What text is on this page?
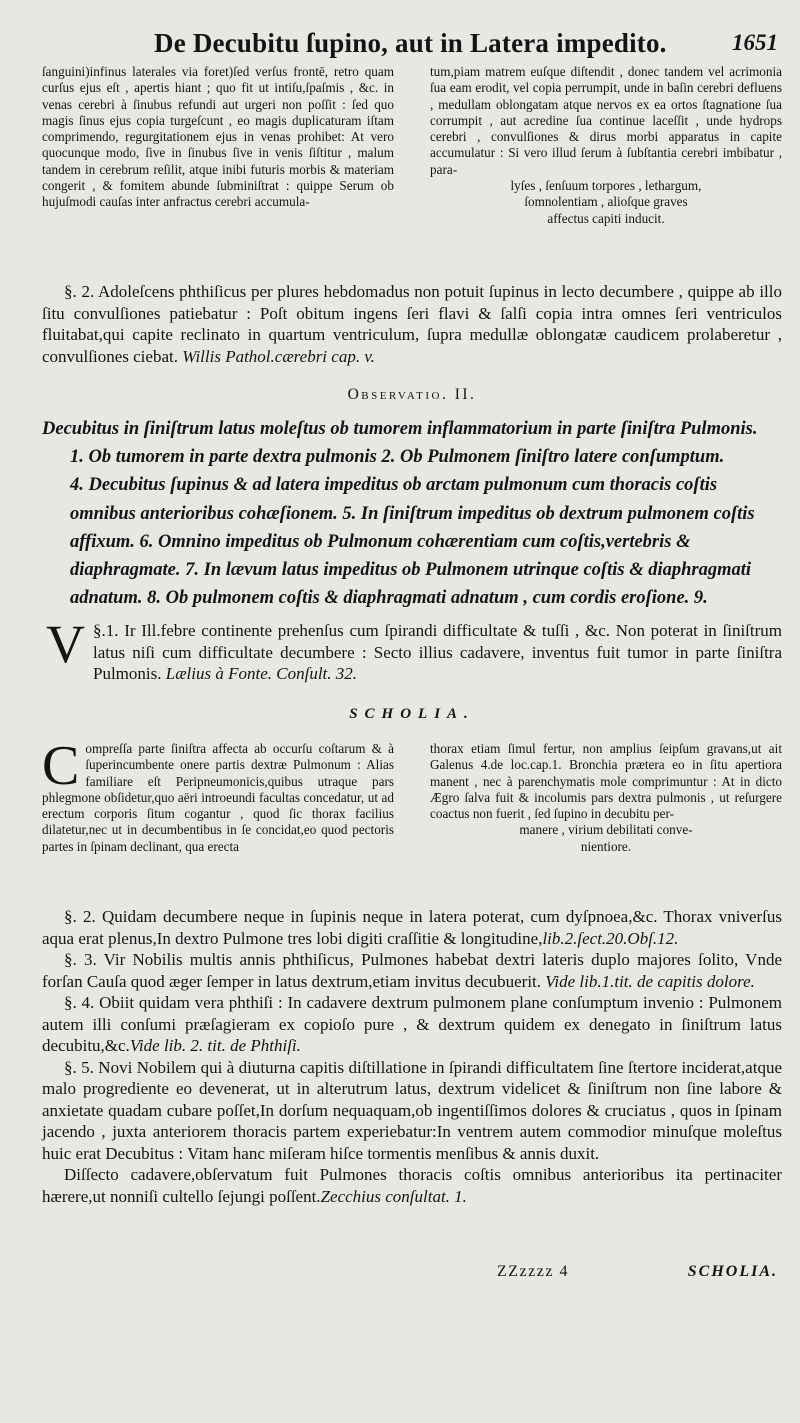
De Decubitu ſupino, aut in Latera impedito.	1651

ſanguini)infinus laterales via foret)ſed verſus frontē, retro quam curſus ejus eſt , apertis hiant ; quo fit ut intiſu,ſpaſmis , &c. in venas cerebri à ſinubus refundi aut urgeri non poſſit : ſed quo magis ſinus ejus copia turgeſcunt , eo magis duplicaturam iſtam comprimendo, regurgitationem ejus in venas prohibet: At vero quocunque modo, ſive in ſinubus ſive in venis ſiſtitur , malum tandem in cerebrum reſilit, atque inibi futuris morbis & materiam congerit , & fomitem abunde ſubminiſtrat : quippe Serum ob hujuſmodi cauſas inter anfractus cerebri accumula-

tum,piam matrem euſque diſtendit , donec tandem vel acrimonia ſua eam erodit, vel copia perrumpit, unde in baſin cerebri defluens , medullam oblongatam atque nervos ex ea ortos ſtagnatione ſua corrumpit , aut acredine ſua continue laceſſit , unde hydrops cerebri , convulſiones & dirus morbi apparatus in capite accumulatur : Si vero illud ſerum à ſubſtantia cerebri imbibatur , para-

lyſes , ſenſuum torpores , lethargum,

ſomnolentiam , alioſque graves

affectus capiti inducit.

§. 2. Adoleſcens phthiſicus per plures hebdomadus non potuit ſupinus in lecto decumbere , quippe ab illo ſitu convulſiones patiebatur : Poſt obitum ingens ſeri flavi & ſalſi copia intra omnes ſeri ventriculos fluitabat,qui capite reclinato in quartum ventriculum, ſupra medullæ oblongatæ caudicem prolaberetur , convulſiones ciebat. Willis Pathol.cærebri cap. v.

Observatio. II.

Decubitus in ſiniſtrum latus moleſtus ob tumorem inflammatorium in parte ſiniſtra Pulmonis.

1. Ob tumorem in parte dextra pulmonis 2. Ob Pulmonem ſiniſtro latere conſumptum.

4. Decubitus ſupinus & ad latera impeditus ob arctam pulmonum cum thoracis coſtis omnibus anterioribus cohæſionem. 5. In ſiniſtrum impeditus ob dextrum pulmonem coſtis affixum. 6. Omnino impeditus ob Pulmonum cohærentiam cum coſtis,vertebris & diaphragmate. 7. In lævum latus impeditus ob Pulmonem utrinque coſtis & diaphragmati adnatum. 8. Ob pulmonem coſtis & diaphragmati adnatum , cum cordis eroſione. 9.

§.1.
V Ir Ill.febre continente prehenſus cum ſpirandi difficultate & tuſſi , &c. Non poterat in ſiniſtrum latus niſi cum difficultate decumbere : Secto illius cadavere, inventus fuit tumor in parte ſiniſtra Pulmonis. Lælius à Fonte. Conſult. 32.

SCHOLIA.

Compreſſa parte ſiniſtra affecta ab occurſu coſtarum & à ſuperincumbente onere partis dextræ Pulmonum : Alias familiare eſt Peripneumonicis,quibus utraque pars phlegmone obſidetur,quo aëri introeundi facultas concedatur, ut ad erectum corporis ſitum cogantur , quod ſic thorax facilius dilatetur,nec ut in decumbentibus in ſe concidat,eo quod pectoris partes in ſpinam declinant, qua erecta

thorax etiam ſimul fertur, non amplius ſeipſum gravans,ut ait Galenus 4.de loc.cap.1. Bronchia prætera eo in ſitu apertiora manent , nec à parenchymatis mole comprimuntur : At in dicto Ægro ſalva fuit & incolumis pars dextra pulmonis , ut reſurgere coactus non fuerit , ſed ſupino in decubitu per-

manere , virium debilitati conve-

nientiore.

§. 2. Quidam decumbere neque in ſupinis neque in latera poterat, cum dyſpnoea,&c. Thorax vniverſus aqua erat plenus,In dextro Pulmone tres lobi digiti craſſitie & longitudine,lib.2.ſect.20.Obſ.12.

§. 3. Vir Nobilis multis annis phthiſicus, Pulmones habebat dextri lateris duplo majores ſolito, Vnde forſan Cauſa quod æger ſemper in latus dextrum,etiam invitus decubuerit. Vide lib.1.tit. de capitis dolore.

§. 4. Obiit quidam vera phthiſi : In cadavere dextrum pulmonem plane conſumptum invenio : Pulmonem autem illi conſumi præſagieram ex copioſo pure , & dextrum quidem ex denegato in ſiniſtrum latus decubitu,&c.Vide lib. 2. tit. de Phthiſi.

§. 5. Novi Nobilem qui à diuturna capitis diſtillatione in ſpirandi difficultatem ſine ſtertore inciderat,atque malo progrediente eo devenerat, ut in alterutrum latus, dextrum videlicet & ſiniſtrum non ſine labore & anxietate quadam cubare poſſet,In dorſum nequaquam,ob ingentiſſimos dolores & cruciatus , quos in ſpinam jacendo , juxta anteriorem thoracis partem experiebatur:In ventrem autem commodior minuſque moleſtus huic erat Decubitus : Vitam hanc miſeram hiſce tormentis menſibus & annis duxit.

Diſſecto cadavere,obſervatum fuit Pulmones thoracis coſtis omnibus anterioribus ita pertinaciter hærere,ut nonniſi cultello ſejungi poſſent.Zecchius conſultat. 1.

ZZzzzz 4	SCHOLIA.
